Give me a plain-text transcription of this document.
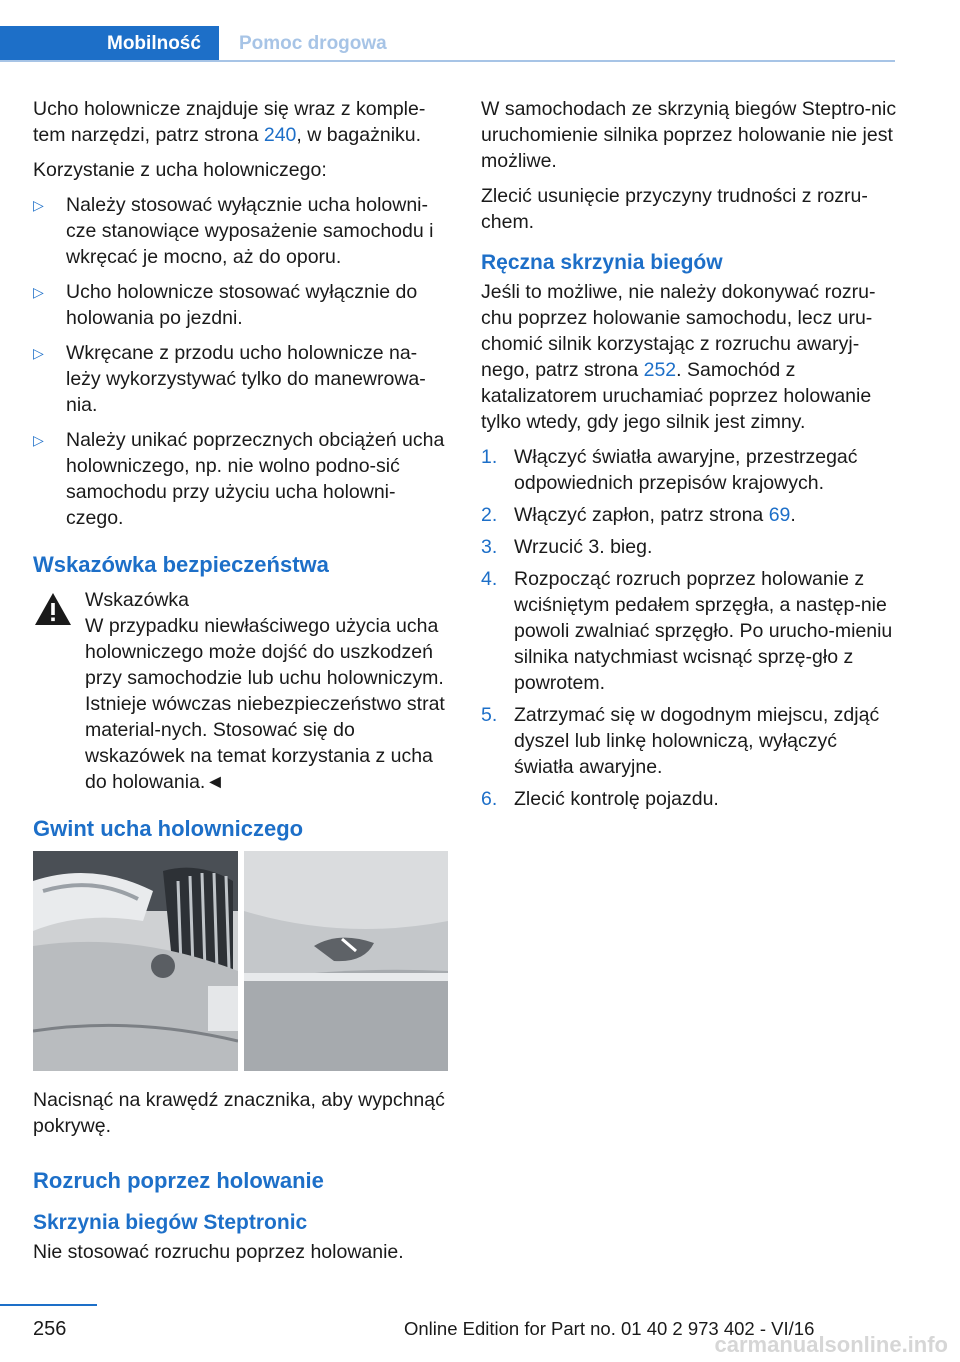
Mobilność	Pomoc drogowa

Ucho holownicze znajduje się wraz z komple-tem narzędzi, patrz strona 240, w bagażniku.

Korzystanie z ucha holowniczego:

▷ Należy stosować wyłącznie ucha holowni-cze stanowiące wyposażenie samochodu i wkręcać je mocno, aż do oporu.
▷ Ucho holownicze stosować wyłącznie do holowania po jezdni.
▷ Wkręcane z przodu ucho holownicze na-leży wykorzystywać tylko do manewrowa-nia.
▷ Należy unikać poprzecznych obciążeń ucha holowniczego, np. nie wolno podno-sić samochodu przy użyciu ucha holowni-czego.
Wskazówka bezpieczeństwa
Wskazówka
W przypadku niewłaściwego użycia ucha holowniczego może dojść do uszkodzeń przy samochodzie lub uchu holowniczym. Istnieje wówczas niebezpieczeństwo strat material-nych. Stosować się do wskazówek na temat korzystania z ucha do holowania.◄
Gwint ucha holowniczego

Nacisnąć na krawędź znacznika, aby wypchnąć pokrywę.

Rozruch poprzez holowanie
Skrzynia biegów Steptronic

Nie stosować rozruchu poprzez holowanie.

W samochodach ze skrzynią biegów Steptro-nic uruchomienie silnika poprzez holowanie nie jest możliwe.

Zlecić usunięcie przyczyny trudności z rozru-chem.

Ręczna skrzynia biegów

Jeśli to możliwe, nie należy dokonywać rozru-chu poprzez holowanie samochodu, lecz uru-chomić silnik korzystając z rozruchu awaryj-nego, patrz strona 252. Samochód z katalizatorem uruchamiać poprzez holowanie tylko wtedy, gdy jego silnik jest zimny.

1. Włączyć światła awaryjne, przestrzegać odpowiednich przepisów krajowych.
2. Włączyć zapłon, patrz strona 69.
3. Wrzucić 3. bieg.
4. Rozpocząć rozruch poprzez holowanie z wciśniętym pedałem sprzęgła, a następ-nie powoli zwalniać sprzęgło. Po urucho-mieniu silnika natychmiast wcisnąć sprzę-gło z powrotem.
5. Zatrzymać się w dogodnym miejscu, zdjąć dyszel lub linkę holowniczą, wyłączyć światła awaryjne.
6. Zlecić kontrolę pojazdu.
256	Online Edition for Part no. 01 40 2 973 402 - VI/16
carmanualsonline.info
